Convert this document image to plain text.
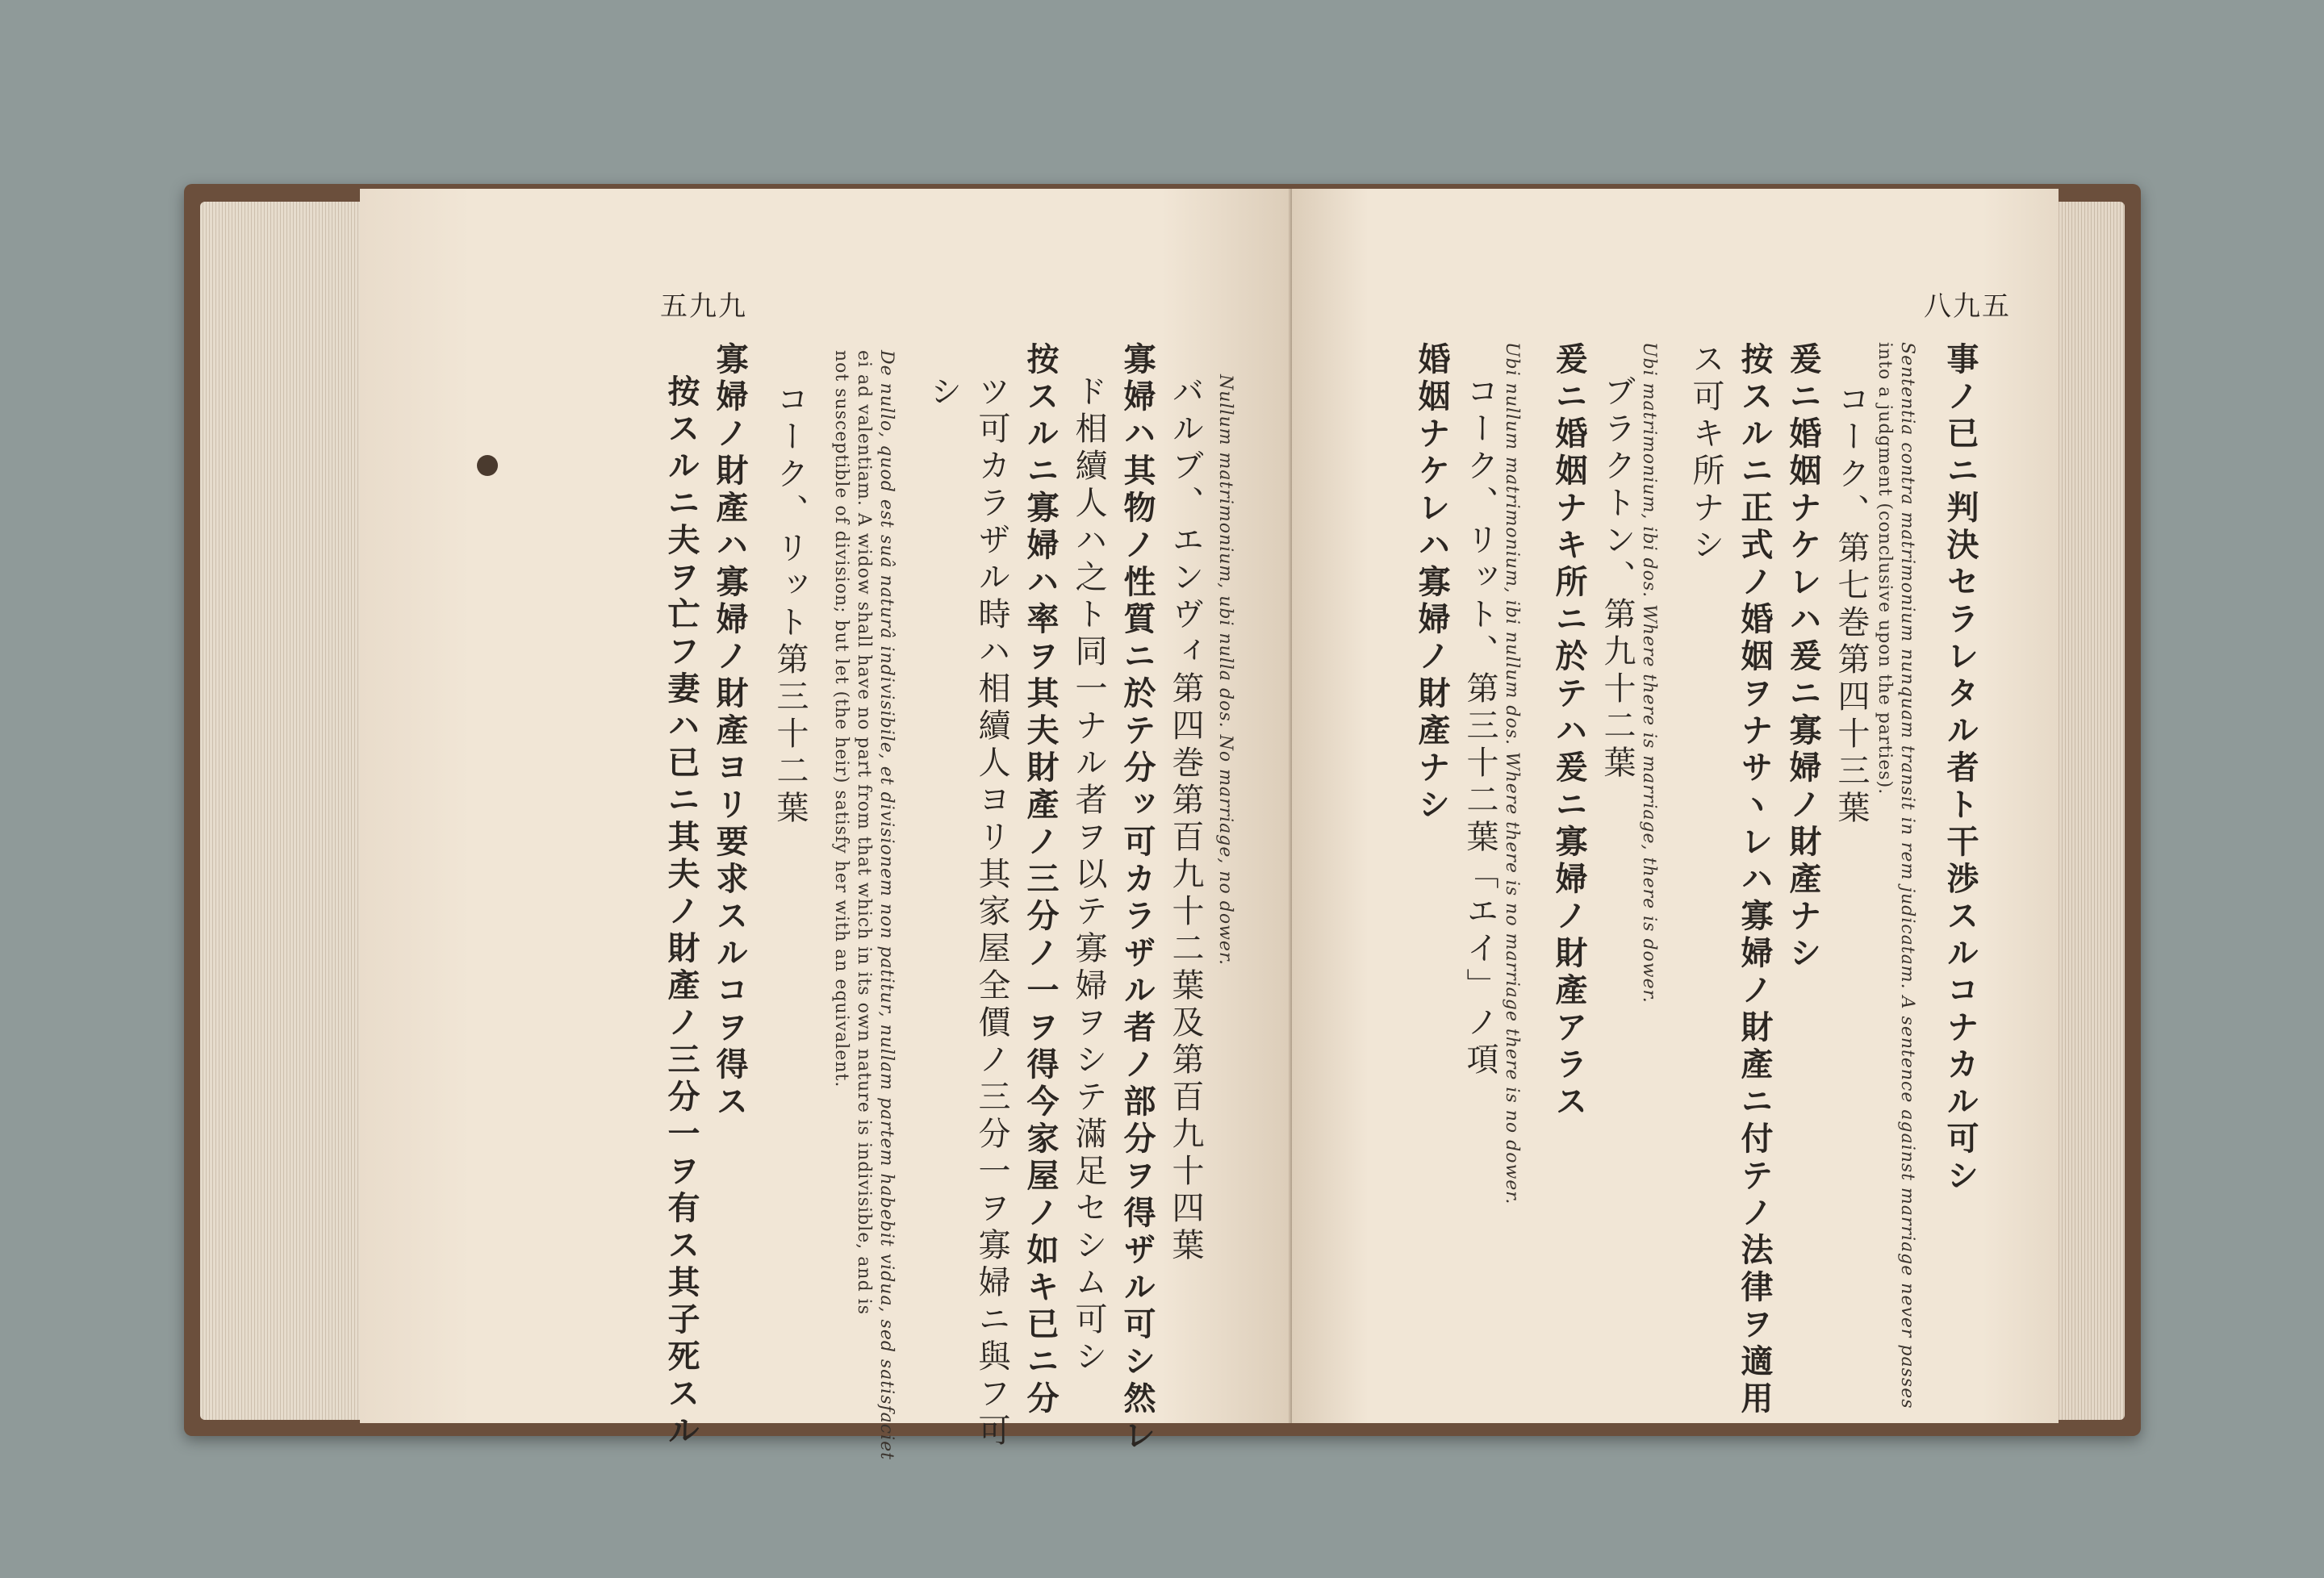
五九九
Nullum matrimonium, ubi nulla dos. No marriage, no dower.
バルブ、エンヴィ第四巻第百九十二葉及第百九十四葉
寡婦ハ其物ノ性質ニ於テ分ッ可カラザル者ノ部分ヲ得ザル可シ然レ
ド相續人ハ之ト同一ナル者ヲ以テ寡婦ヲシテ滿足セシム可シ
按スルニ寡婦ハ率ヲ其夫財產ノ三分ノ一ヲ得今家屋ノ如キ已ニ分
ツ可カラザル時ハ相續人ヨリ其家屋全價ノ三分一ヲ寡婦ニ與フ可
シ
De nullo, quod est suâ naturâ indivisibile, et divisionem non patitur, nullam partem habebit vidua, sed satisfaciet
ei ad valentiam. A widow shall have no part from that which in its own nature is indivisible, and is
not susceptible of division; but let (the heir) satisfy her with an equivalent.
コーク、リット第三十二葉
寡婦ノ財產ハ寡婦ノ財產ヨリ要求スルコヲ得ス
按スルニ夫ヲ亡フ妻ハ已ニ其夫ノ財產ノ三分一ヲ有ス其子死スル
八九五
事ノ已ニ判決セラレタル者ト干渉スルコナカル可シ
Sententia contra matrimonium nunquam transit in rem judicatam. A sentence against marriage never passes
into a judgment (conclusive upon the parties).
コーク、第七巻第四十三葉
爰ニ婚姻ナケレハ爰ニ寡婦ノ財產ナシ
按スルニ正式ノ婚姻ヲナサヽレハ寡婦ノ財產ニ付テノ法律ヲ適用
ス可キ所ナシ
Ubi matrimonium, ibi dos. Where there is marriage, there is dower.
ブラクトン、第九十二葉
爰ニ婚姻ナキ所ニ於テハ爰ニ寡婦ノ財產アラス
Ubi nullum matrimonium, ibi nullum dos. Where there is no marriage there is no dower.
コーク、リット、第三十二葉「エイ」ノ項
婚姻ナケレハ寡婦ノ財產ナシ
